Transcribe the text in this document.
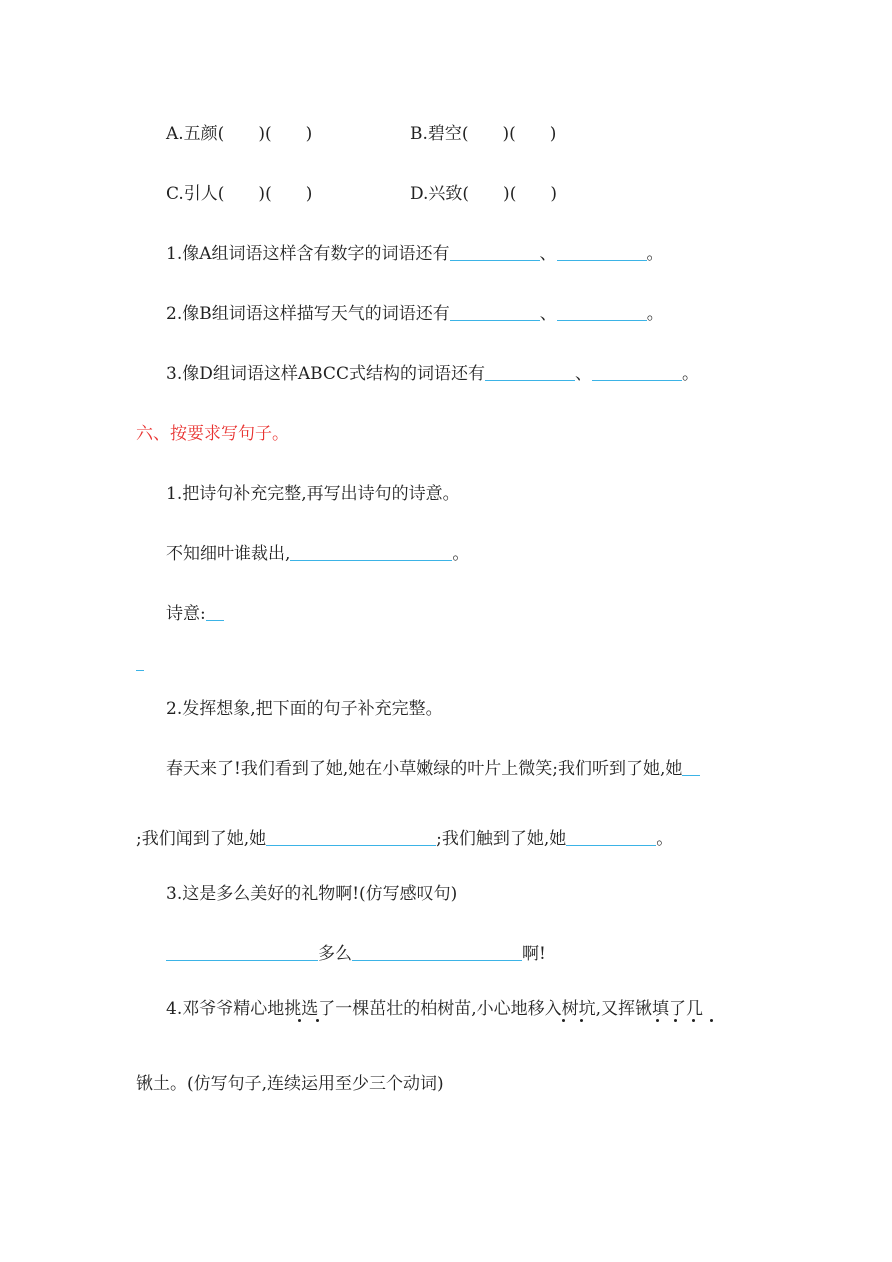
A.五颜(　　)(　　)	B.碧空(　　)(　　)
C.引人(　　)(　　)	D.兴致(　　)(　　)
1.像A组词语这样含有数字的词语还有	、	。
2.像B组词语这样描写天气的词语还有	、	。
3.像D组词语这样ABCC式结构的词语还有	、	。
六、按要求写句子。
1.把诗句补充完整,再写出诗句的诗意。
不知细叶谁裁出,	。
诗意:
2.发挥想象,把下面的句子补充完整。
春天来了!我们看到了她,她在小草嫩绿的叶片上微笑;我们听到了她,她
;我们闻到了她,她	;我们触到了她,她	。
3.这是多么美好的礼物啊!(仿写感叹句)
多么	啊!
4.邓爷爷精心地挑选了一棵茁壮的柏树苗,小心地移入树坑,又挥锹填了几
锹土。(仿写句子,连续运用至少三个动词)
